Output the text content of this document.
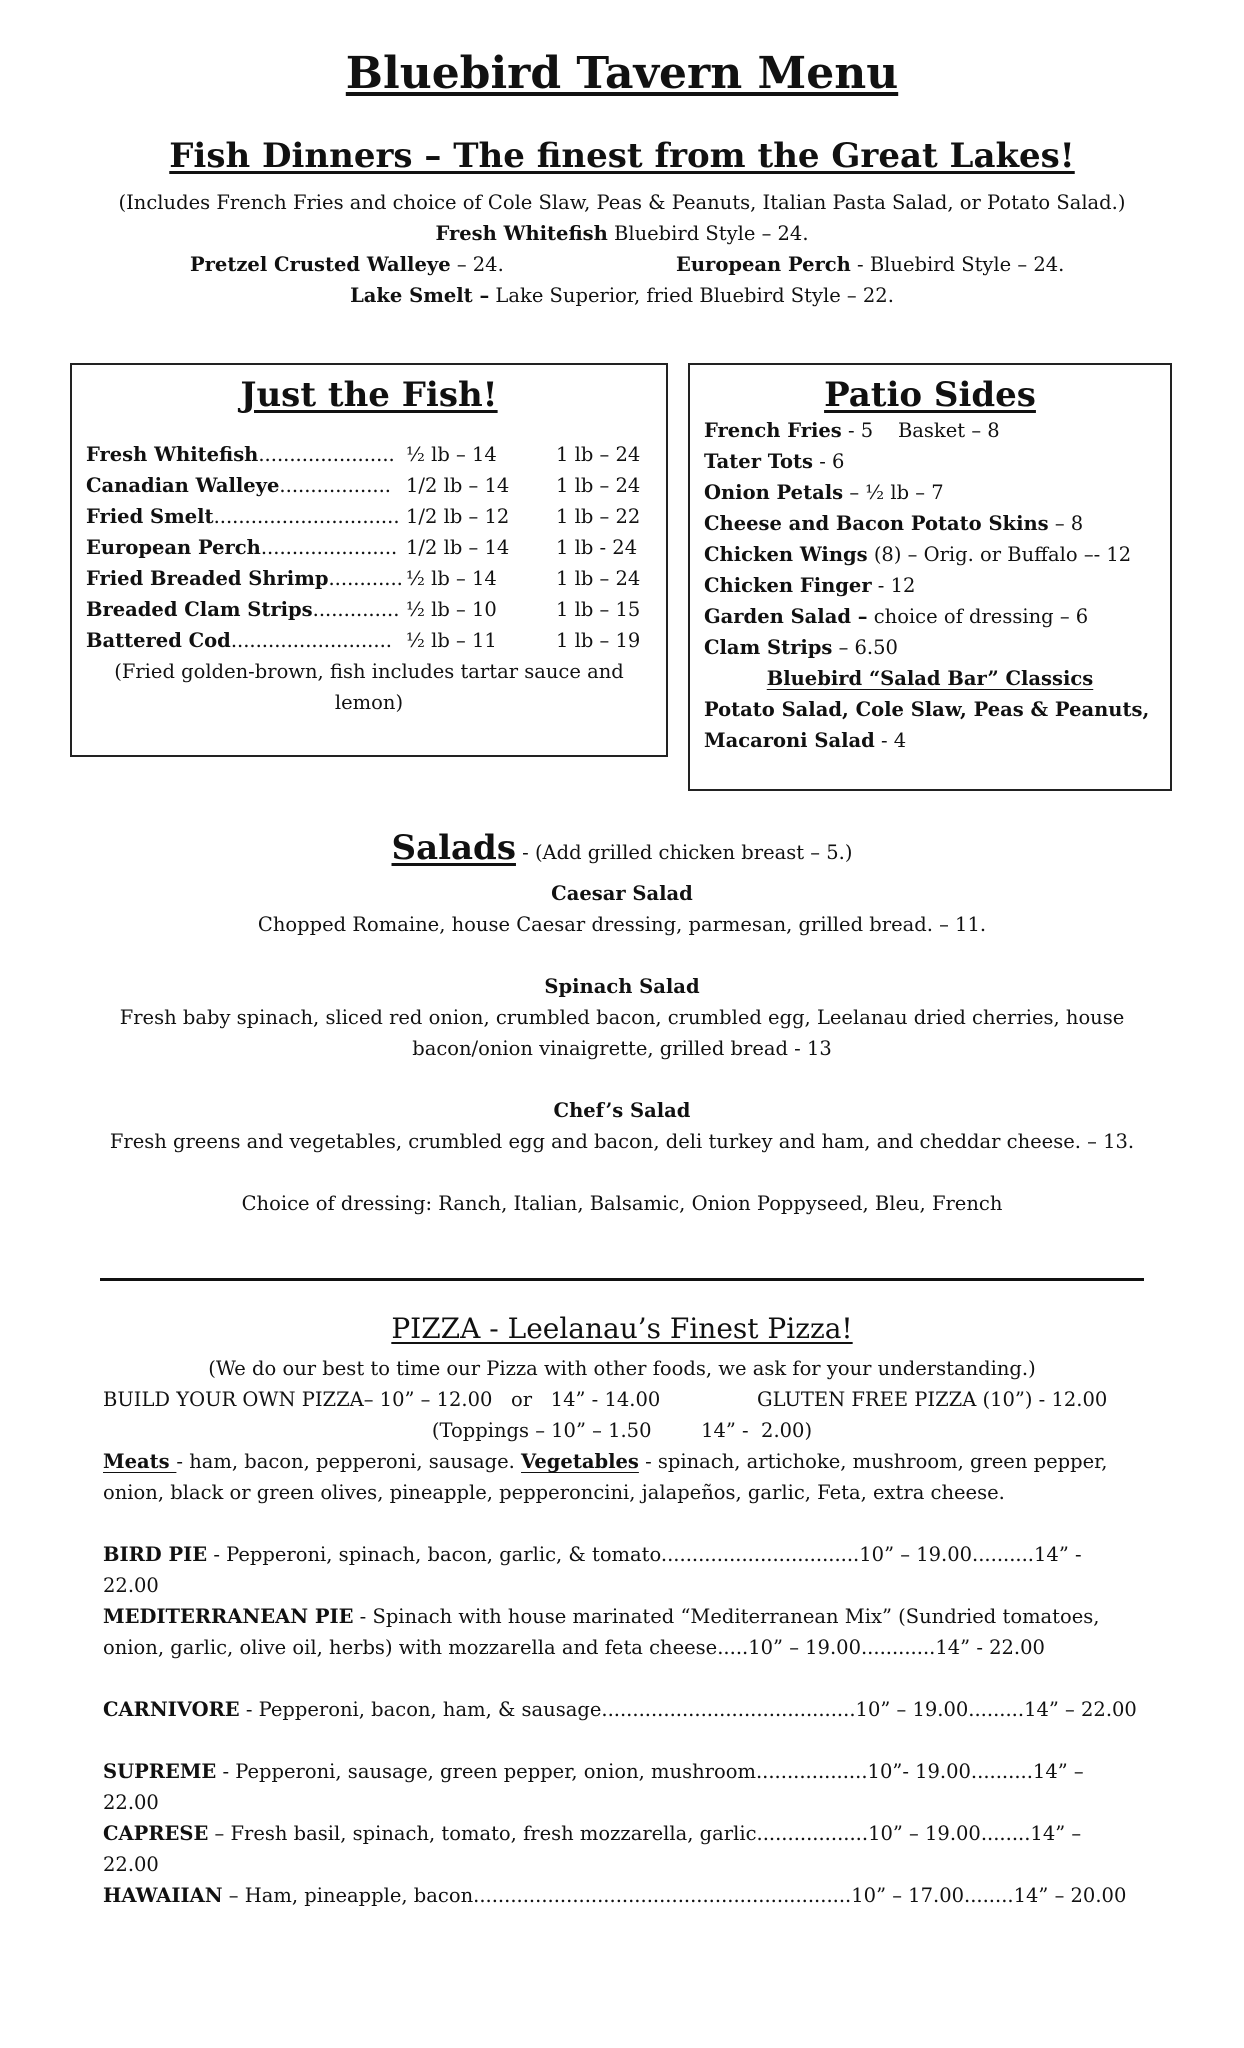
Bluebird Tavern Menu
Fish Dinners – The finest from the Great Lakes!
(Includes French Fries and choice of Cole Slaw, Peas & Peanuts, Italian Pasta Salad, or Potato Salad.)
Fresh Whitefish Bluebird Style – 24.
Pretzel Crusted Walleye – 24.	European Perch - Bluebird Style – 24.
Lake Smelt – Lake Superior, fried Bluebird Style – 22.
Just the Fish!
Fresh Whitefish...................... ½ lb – 14	1 lb – 24
Canadian Walleye.................. 1/2 lb – 14 1 lb – 24
Fried Smelt.............................. 1/2 lb – 12 1 lb – 22
European Perch...................... 1/2 lb – 14 1 lb - 24
Fried Breaded Shrimp............ ½ lb – 14	1 lb – 24
Breaded Clam Strips.............. ½ lb – 10	1 lb – 15
Battered Cod.......................... ½ lb – 11	1 lb – 19
(Fried golden-brown, fish includes tartar sauce and lemon)
Patio Sides
French Fries - 5    Basket – 8
Tater Tots - 6
Onion Petals – ½ lb – 7
Cheese and Bacon Potato Skins – 8
Chicken Wings (8) – Orig. or Buffalo –- 12
Chicken Finger - 12
Garden Salad – choice of dressing – 6
Clam Strips – 6.50
Bluebird “Salad Bar” Classics
Potato Salad, Cole Slaw, Peas & Peanuts,
Macaroni Salad - 4
Salads - (Add grilled chicken breast – 5.)
Caesar Salad
Chopped Romaine, house Caesar dressing, parmesan, grilled bread. – 11.
Spinach Salad
Fresh baby spinach, sliced red onion, crumbled bacon, crumbled egg, Leelanau dried cherries, house bacon/onion vinaigrette, grilled bread - 13
Chef’s Salad
Fresh greens and vegetables, crumbled egg and bacon, deli turkey and ham, and cheddar cheese. – 13.
Choice of dressing: Ranch, Italian, Balsamic, Onion Poppyseed, Bleu, French
PIZZA - Leelanau’s Finest Pizza!
(We do our best to time our Pizza with other foods, we ask for your understanding.)
BUILD YOUR OWN PIZZA– 10” – 12.00   or   14” - 14.00	GLUTEN FREE PIZZA (10”) - 12.00
(Toppings – 10” – 1.50        14” -  2.00)
Meats - ham, bacon, pepperoni, sausage. Vegetables - spinach, artichoke, mushroom, green pepper, onion, black or green olives, pineapple, pepperoncini, jalapeños, garlic, Feta, extra cheese.
BIRD PIE - Pepperoni, spinach, bacon, garlic, & tomato................................10” – 19.00..........14” - 22.00
MEDITERRANEAN PIE - Spinach with house marinated “Mediterranean Mix” (Sundried tomatoes, onion, garlic, olive oil, herbs) with mozzarella and feta cheese.....10” – 19.00............14” - 22.00
CARNIVORE - Pepperoni, bacon, ham, & sausage.........................................10” – 19.00.........14” – 22.00
SUPREME - Pepperoni, sausage, green pepper, onion, mushroom..................10”- 19.00..........14” – 22.00
CAPRESE – Fresh basil, spinach, tomato, fresh mozzarella, garlic..................10” – 19.00........14” – 22.00
HAWAIIAN – Ham, pineapple, bacon.............................................................10” – 17.00........14” – 20.00
